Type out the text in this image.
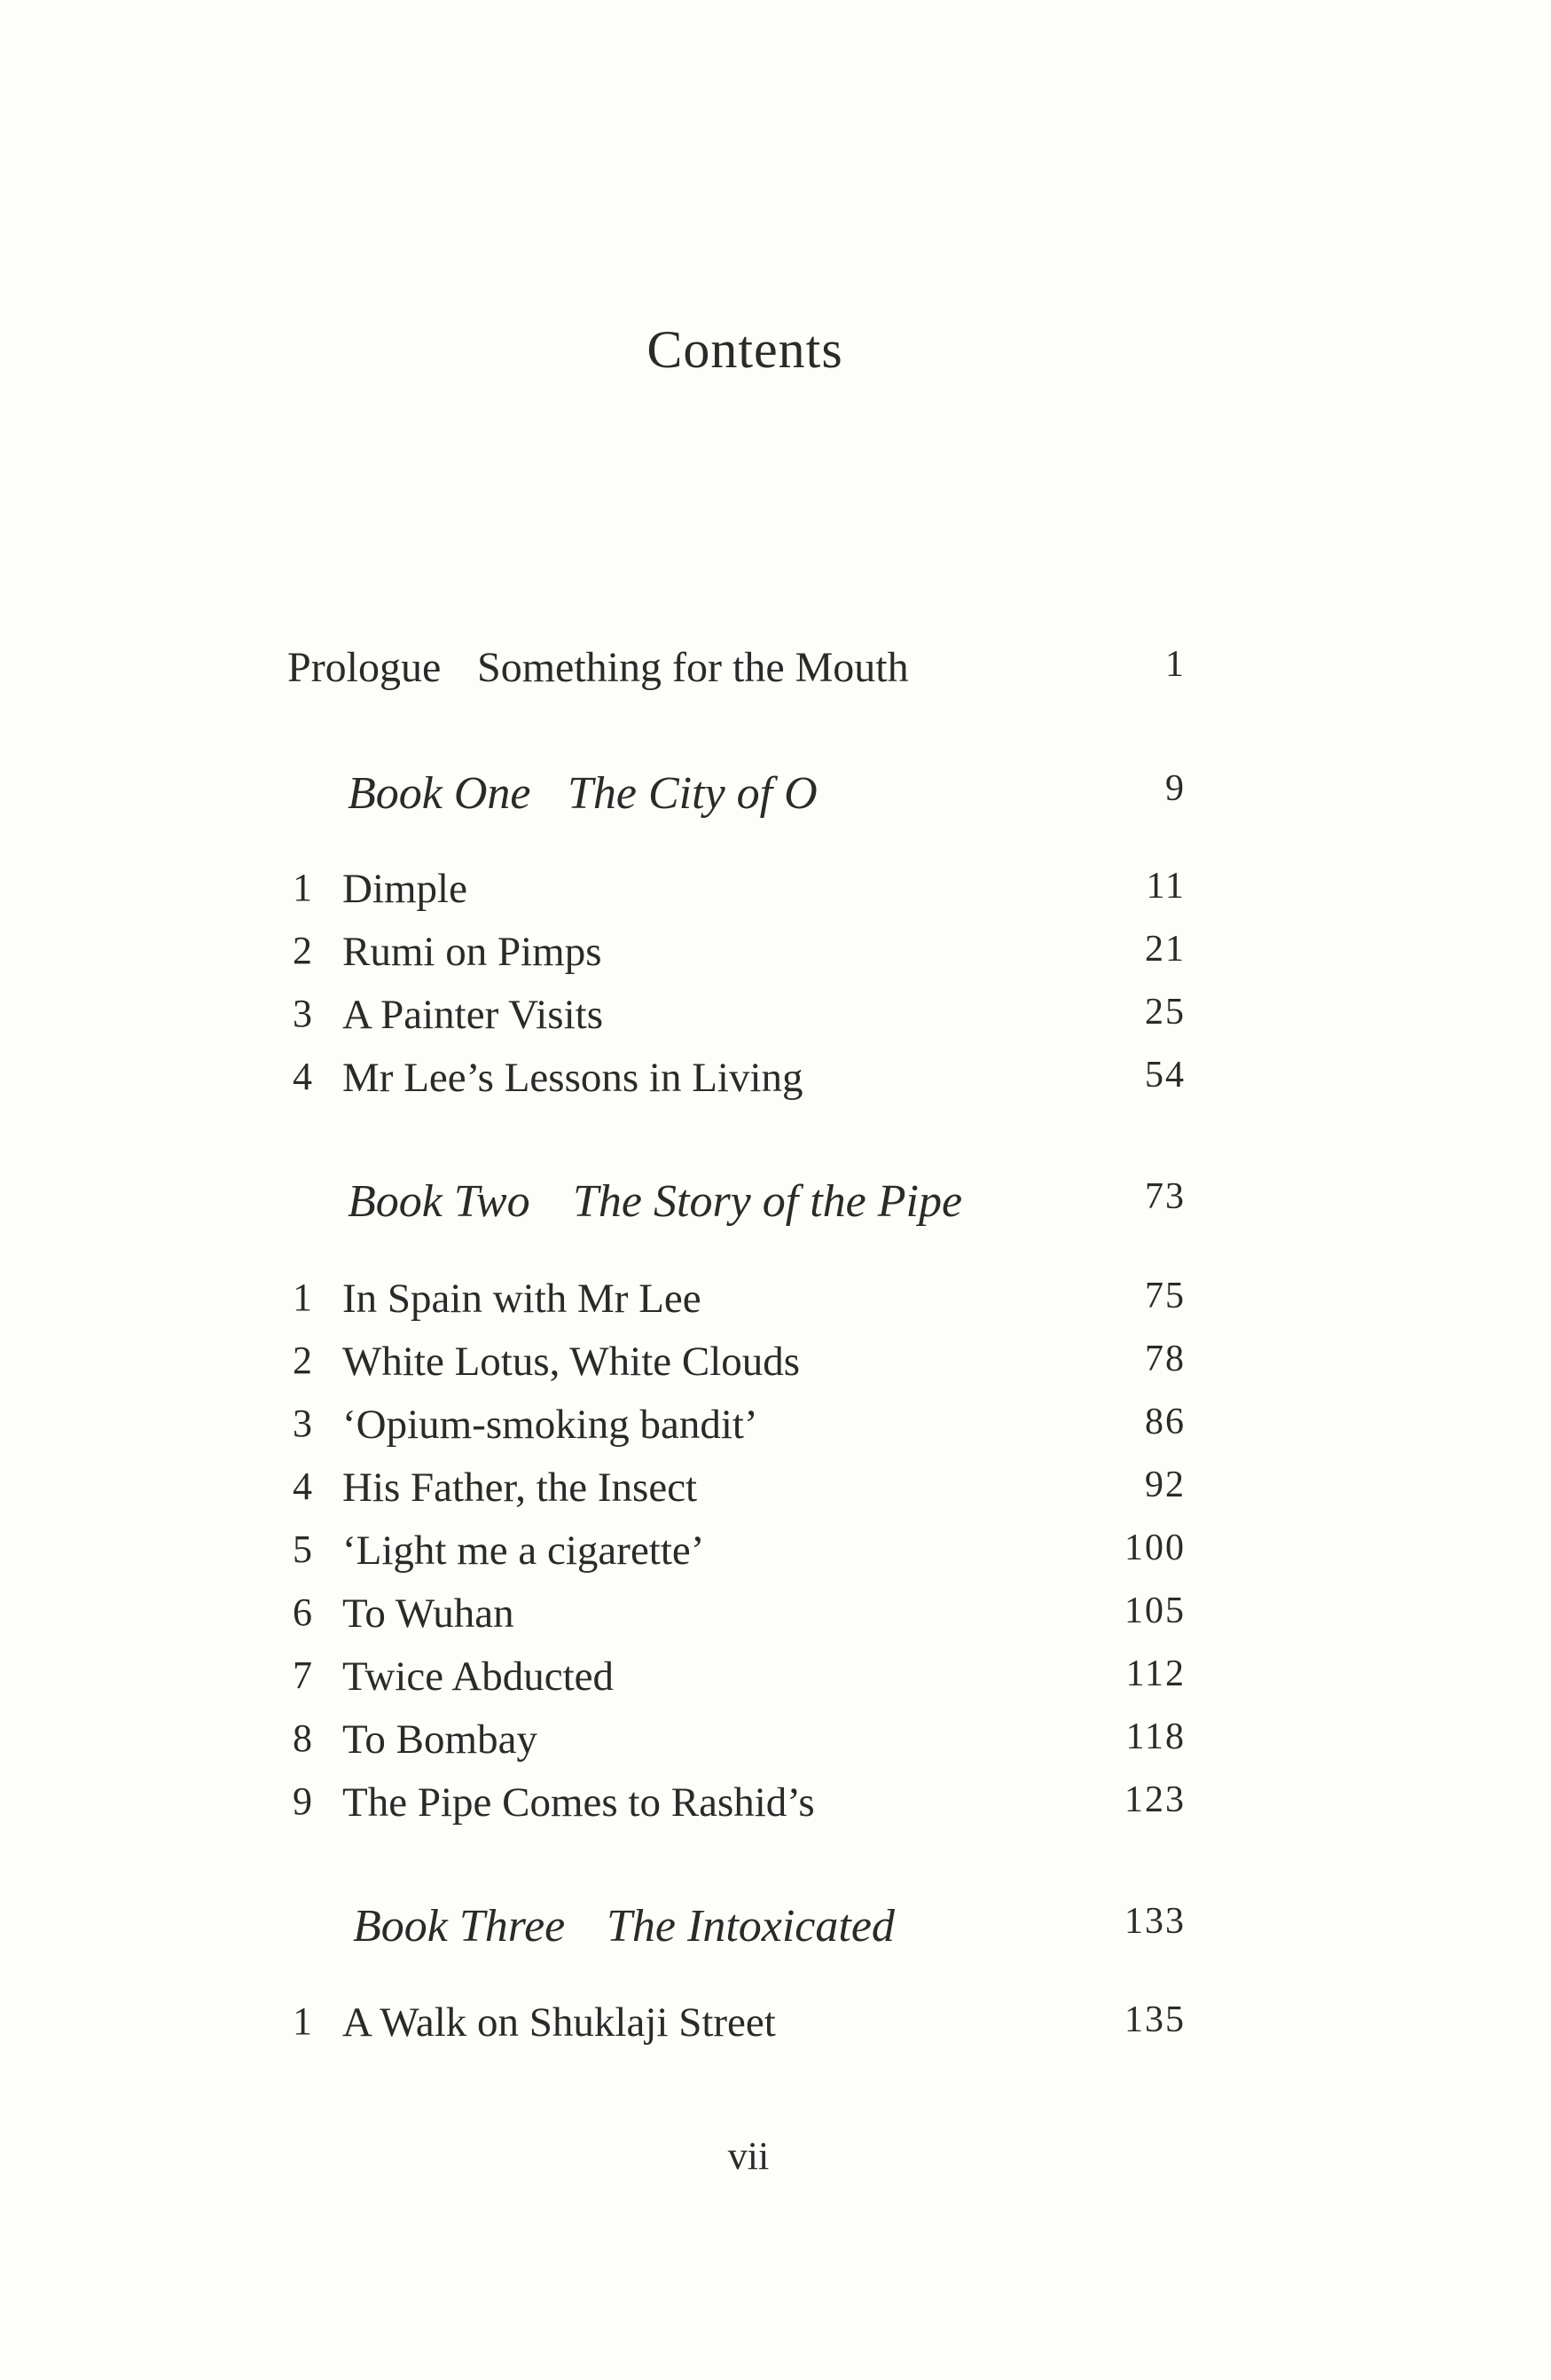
Contents
Prologue Something for the Mouth	1
Book One The City of O	9
1 Dimple	11
2 Rumi on Pimps	21
3 A Painter Visits	25
4 Mr Lee’s Lessons in Living	54
Book Two The Story of the Pipe	73
1 In Spain with Mr Lee	75
2 White Lotus, White Clouds	78
3 ‘Opium-smoking bandit’	86
4 His Father, the Insect	92
5 ‘Light me a cigarette’	100
6 To Wuhan	105
7 Twice Abducted	112
8 To Bombay	118
9 The Pipe Comes to Rashid’s	123
Book Three The Intoxicated	133
1 A Walk on Shuklaji Street	135
vii
